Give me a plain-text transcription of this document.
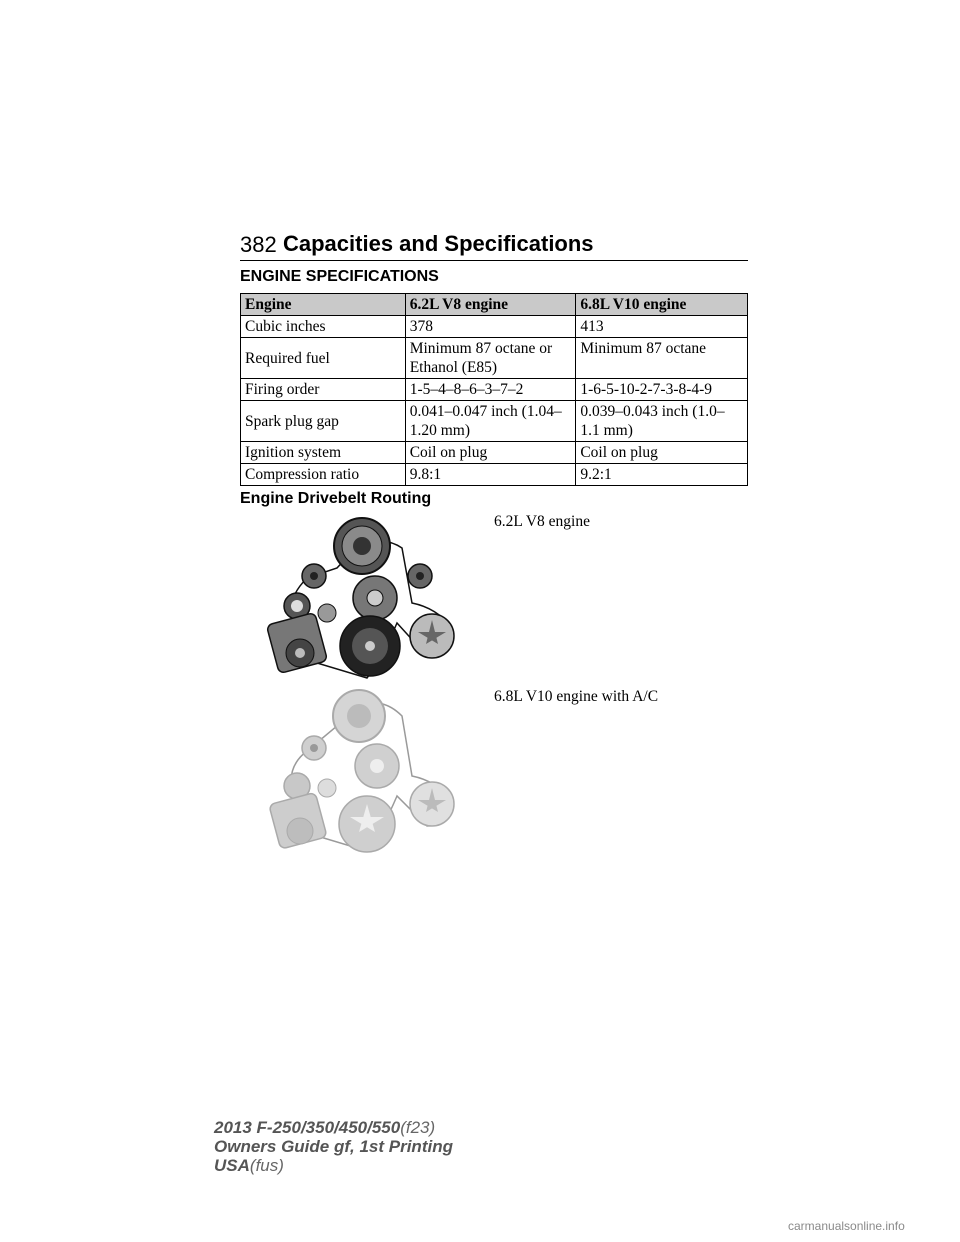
382 Capacities and Specifications
ENGINE SPECIFICATIONS
Engine	6.2L V8 engine	6.8L V10 engine
Cubic inches	378	413
Required fuel	Minimum 87 octane or Ethanol (E85)	Minimum 87 octane
Firing order	1-5–4–8–6–3–7–2	1-6-5-10-2-7-3-8-4-9
Spark plug gap	0.041–0.047 inch (1.04–1.20 mm)	0.039–0.043 inch (1.0–1.1 mm)
Ignition system	Coil on plug	Coil on plug
Compression ratio	9.8:1	9.2:1
Engine Drivebelt Routing
6.2L V8 engine
6.8L V10 engine with A/C
2013 F-250/350/450/550(f23)
Owners Guide gf, 1st Printing
USA(fus)
carmanualsonline.info
